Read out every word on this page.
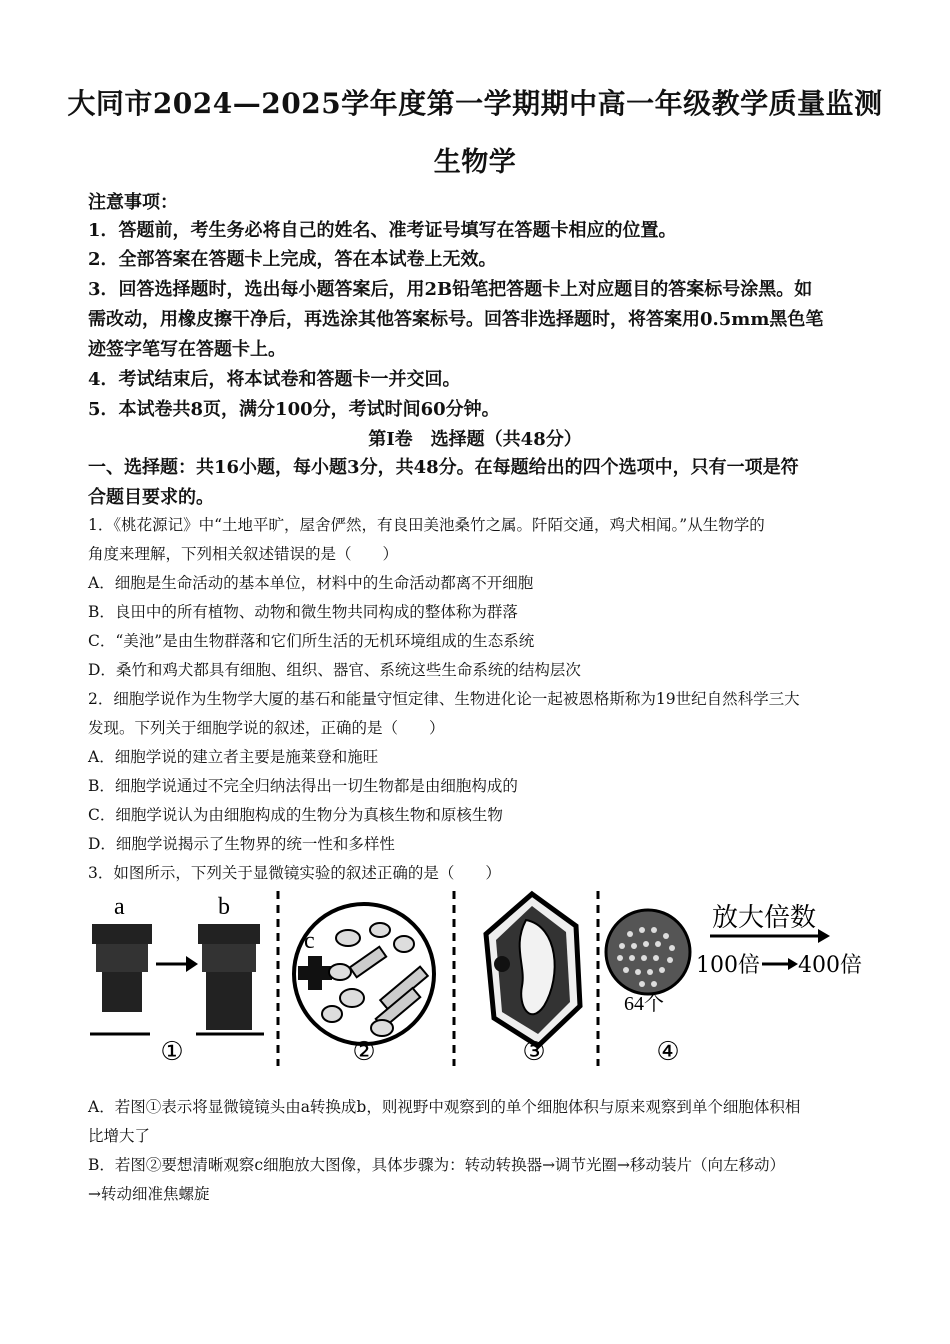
大同市2024—2025学年度第一学期期中高一年级教学质量监测
生物学
注意事项：
1．答题前，考生务必将自己的姓名、准考证号填写在答题卡相应的位置。
2．全部答案在答题卡上完成，答在本试卷上无效。
3．回答选择题时，选出每小题答案后，用2B铅笔把答题卡上对应题目的答案标号涂黑。如
需改动，用橡皮擦干净后，再选涂其他答案标号。回答非选择题时，将答案用0.5mm黑色笔
迹签字笔写在答题卡上。
4．考试结束后，将本试卷和答题卡一并交回。
5．本试卷共8页，满分100分，考试时间60分钟。
第Ⅰ卷　选择题（共48分）
一、选择题：共16小题，每小题3分，共48分。在每题给出的四个选项中，只有一项是符
合题目要求的。
1．《桃花源记》中“土地平旷，屋舍俨然，有良田美池桑竹之属。阡陌交通，鸡犬相闻。”从生物学的
角度来理解，下列相关叙述错误的是（　　）
A．细胞是生命活动的基本单位，材料中的生命活动都离不开细胞
B．良田中的所有植物、动物和微生物共同构成的整体称为群落
C．“美池”是由生物群落和它们所生活的无机环境组成的生态系统
D．桑竹和鸡犬都具有细胞、组织、器官、系统这些生命系统的结构层次
2．细胞学说作为生物学大厦的基石和能量守恒定律、生物进化论一起被恩格斯称为19世纪自然科学三大
发现。下列关于细胞学说的叙述，正确的是（　　）
A．细胞学说的建立者主要是施莱登和施旺
B．细胞学说通过不完全归纳法得出一切生物都是由细胞构成的
C．细胞学说认为由细胞构成的生物分为真核生物和原核生物
D．细胞学说揭示了生物界的统一性和多样性
3．如图所示，下列关于显微镜实验的叙述正确的是（　　）
a	b
①
c
②	③
64个
放大倍数
100倍 400倍
④
A．若图①表示将显微镜镜头由a转换成b，则视野中观察到的单个细胞体积与原来观察到单个细胞体积相
比增大了
B．若图②要想清晰观察c细胞放大图像，具体步骤为：转动转换器→调节光圈→移动装片（向左移动）
→转动细准焦螺旋
